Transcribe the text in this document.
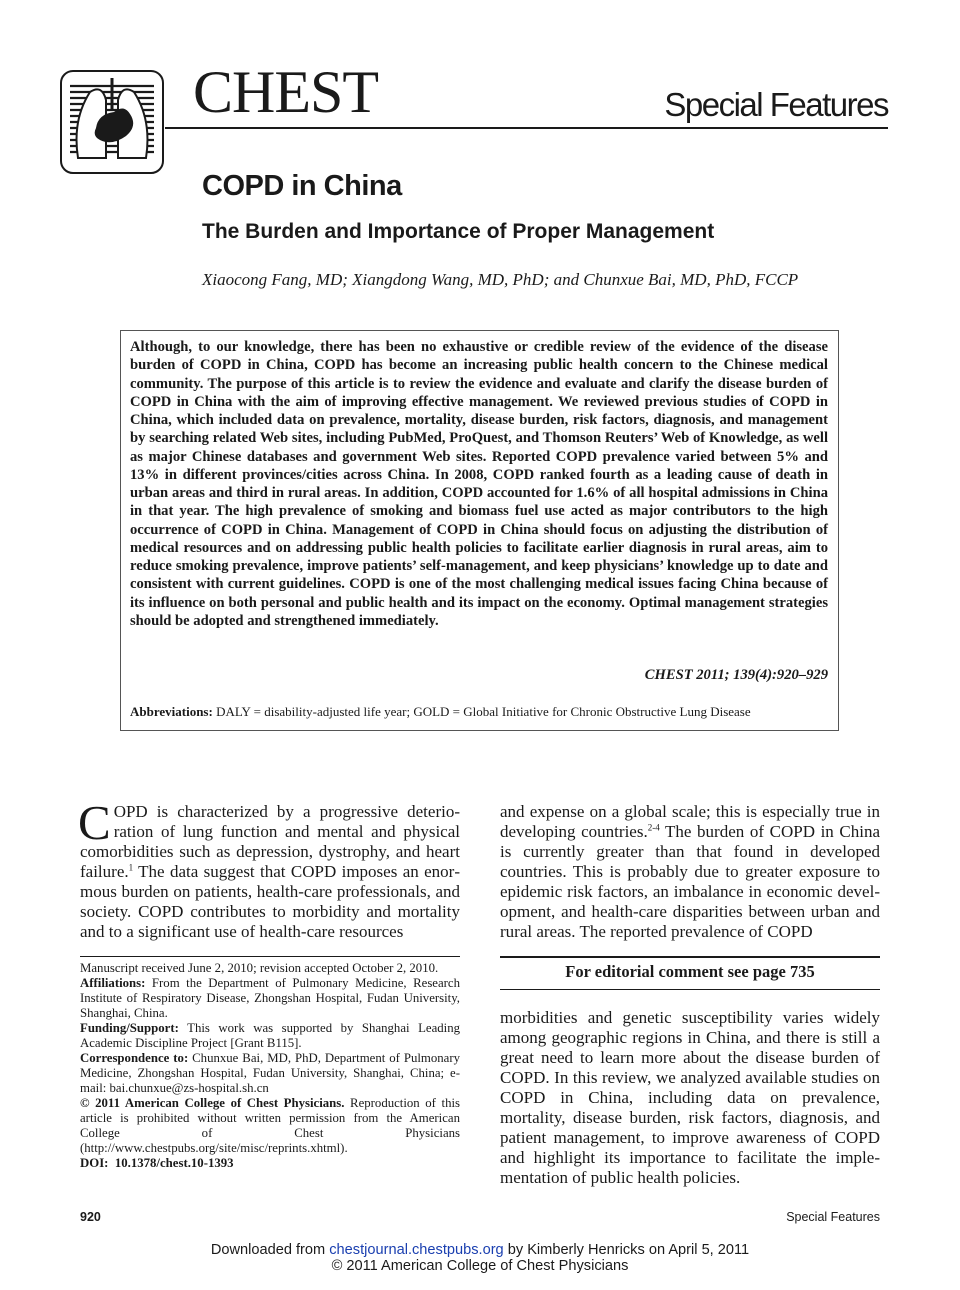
CHEST	Special Features
COPD in China
The Burden and Importance of Proper Management
Xiaocong Fang, MD; Xiangdong Wang, MD, PhD; and Chunxue Bai, MD, PhD, FCCP
Although, to our knowledge, there has been no exhaustive or credible review of the evidence of the disease burden of COPD in China, COPD has become an increasing public health concern to the Chinese medical community. The purpose of this article is to review the evidence and evaluate and clarify the disease burden of COPD in China with the aim of improving effective management. We reviewed previous studies of COPD in China, which included data on prevalence, mortality, disease burden, risk factors, diagnosis, and management by searching related Web sites, including PubMed, ProQuest, and Thomson Reuters’ Web of Knowledge, as well as major Chinese databases and government Web sites. Reported COPD prevalence varied between 5% and 13% in different provinces/cities across China. In 2008, COPD ranked fourth as a leading cause of death in urban areas and third in rural areas. In addition, COPD accounted for 1.6% of all hospital admissions in China in that year. The high prevalence of smoking and biomass fuel use acted as major contributors to the high occurrence of COPD in China. Management of COPD in China should focus on adjusting the distribution of medical resources and on addressing public health policies to facilitate earlier diagnosis in rural areas, aim to reduce smoking prevalence, improve patients’ self-management, and keep physicians’ knowledge up to date and consistent with current guidelines. COPD is one of the most challenging medical issues facing China because of its influence on both personal and public health and its impact on the economy. Optimal management strategies should be adopted and strengthened immediately.
CHEST 2011; 139(4):920–929
Abbreviations: DALY = disability-adjusted life year; GOLD = Global Initiative for Chronic Obstructive Lung Disease
COPD is characterized by a progressive deterioration of lung function and mental and physical comorbidities such as depression, dystrophy, and heart failure.$^1$ The data suggest that COPD imposes an enormous burden on patients, health-care professionals, and society. COPD contributes to morbidity and mortality and to a significant use of health-care resources
and expense on a global scale; this is especially true in developing countries.$^{2-4}$ The burden of COPD in China is currently greater than that found in developed countries. This is probably due to greater exposure to epidemic risk factors, an imbalance in economic development, and health-care disparities between urban and rural areas. The reported prevalence of COPD
For editorial comment see page 735
morbidities and genetic susceptibility varies widely among geographic regions in China, and there is still a great need to learn more about the disease burden of COPD. In this review, we analyzed available studies on COPD in China, including data on prevalence, mortality, disease burden, risk factors, diagnosis, and patient management, to improve awareness of COPD and highlight its importance to facilitate the implementation of public health policies.

Manuscript received June 2, 2010; revision accepted October 2, 2010.

Affiliations: From the Department of Pulmonary Medicine, Research Institute of Respiratory Disease, Zhongshan Hospital, Fudan University, Shanghai, China.

Funding/Support: This work was supported by Shanghai Leading Academic Discipline Project [Grant B115].

Correspondence to: Chunxue Bai, MD, PhD, Department of Pulmonary Medicine, Zhongshan Hospital, Fudan University, Shanghai, China; e-mail: bai.chunxue@zs-hospital.sh.cn

© 2011 American College of Chest Physicians. Reproduction of this article is prohibited without written permission from the American College of Chest Physicians (http://www.chestpubs.org/site/misc/reprints.xhtml).

DOI: 10.1378/chest.10-1393

920	Special Features
Downloaded from chestjournal.chestpubs.org by Kimberly Henricks on April 5, 2011
© 2011 American College of Chest Physicians
